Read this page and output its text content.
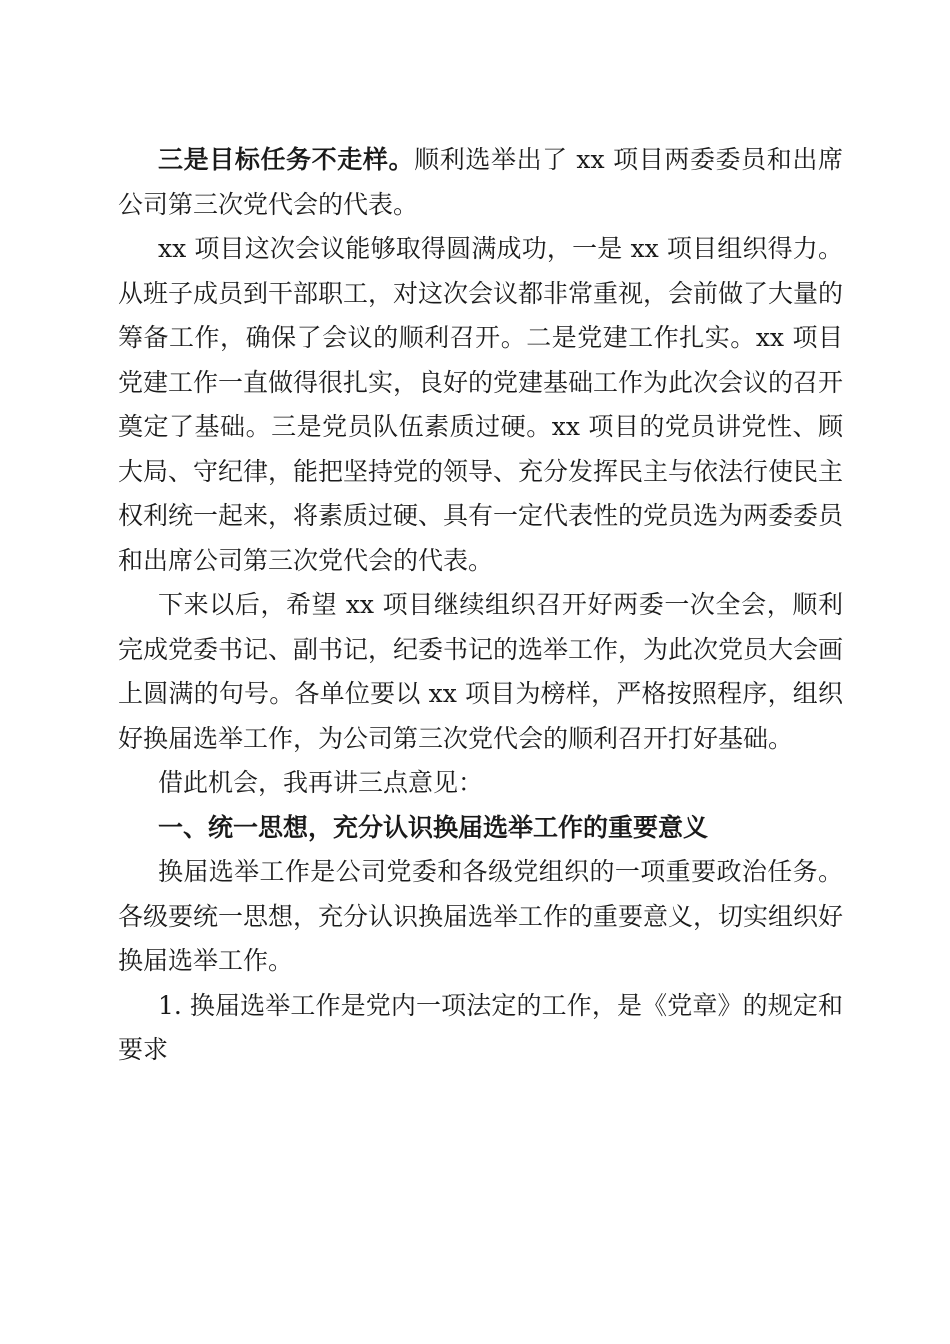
三是目标任务不走样。顺利选举出了 xx 项目两委委员和出席公司第三次党代会的代表。

xx 项目这次会议能够取得圆满成功，一是 xx 项目组织得力。从班子成员到干部职工，对这次会议都非常重视，会前做了大量的筹备工作，确保了会议的顺利召开。二是党建工作扎实。xx 项目党建工作一直做得很扎实，良好的党建基础工作为此次会议的召开奠定了基础。三是党员队伍素质过硬。xx 项目的党员讲党性、顾大局、守纪律，能把坚持党的领导、充分发挥民主与依法行使民主权利统一起来，将素质过硬、具有一定代表性的党员选为两委委员和出席公司第三次党代会的代表。

下来以后，希望 xx 项目继续组织召开好两委一次全会，顺利完成党委书记、副书记，纪委书记的选举工作，为此次党员大会画上圆满的句号。各单位要以 xx 项目为榜样，严格按照程序，组织好换届选举工作，为公司第三次党代会的顺利召开打好基础。

借此机会，我再讲三点意见：

一、统一思想，充分认识换届选举工作的重要意义

换届选举工作是公司党委和各级党组织的一项重要政治任务。各级要统一思想，充分认识换届选举工作的重要意义，切实组织好换届选举工作。

1. 换届选举工作是党内一项法定的工作，是《党章》的规定和要求
